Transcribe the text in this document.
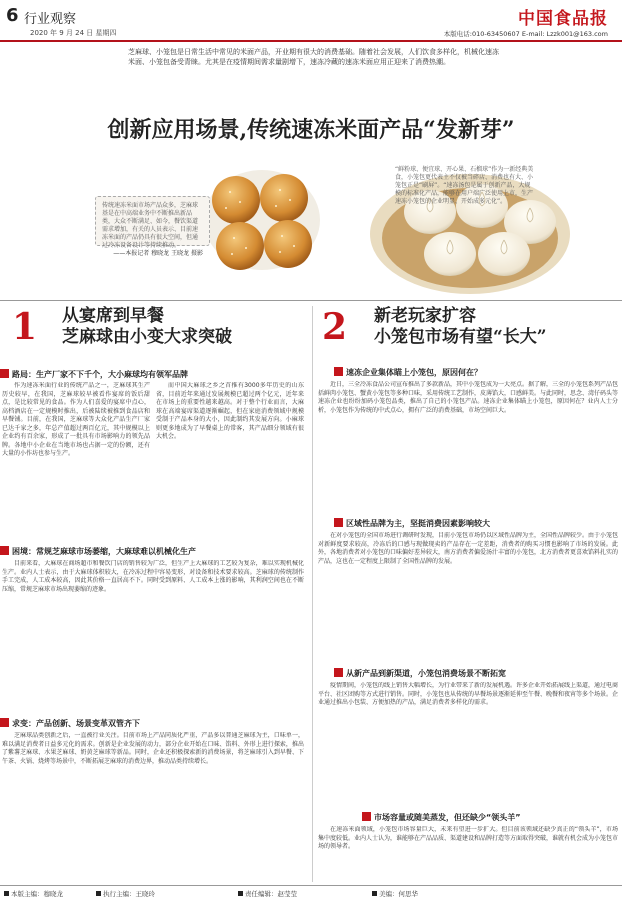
6 行业观察
2020 年 9 月 24 日 星期四
中国食品报
本版电话:010-63450607 E-mail: Lzzk001@163.com
芝麻球、小笼包是日常生活中常见的米面产品，开业期有很大的消费基础。随着社会发展，人们饮食多样化，机械化速冻米面、小笼包备受青睐。尤其是在疫情期间需求量剧增下，速冻冷藏的速冻米面应用正迎来了消费热潮。
创新应用场景,传统速冻米面产品“发新芽”
传统速冻米面市场产品众多，芝麻球基是在中高端业务中不断推出新品类，大众不断满足、如今，餐饮渠道需求增加，有关的人员表示、目前速冻米面的产品仍具有很大空间，但通过冷冻设备设计等持续推动。
——本报记者 穆晓龙 王晓龙 摄影
“鲜粉球、便宜球、开心果、石榴球”作为一新经典美食，小笼包更代表主不仅被当碎店、消费也有大、小笼包正是“刷屏”。“速冻汤包是属于创新产品，大规模的标准化产品，能够在用户端广泛使用上市，生产速冻小笼包的企业明显、开始成多元化”。
1 从宴席到早餐
芝麻球由小变大求突破
路局：生产厂家不下千个，大小麻球均有领军品牌
作为速冻米面行业的传统产品之一，芝麻球其生产历史较早，在我国，芝麻球较早被看作宴席的饭后甜点，是比较常见的食品。作为人们喜爱的宴席中点心，高档酒店在一定规模时推出，后被陆续被推到食品店和早餐铺。目前，在我国，芝麻球等大众化产品生产厂家已达千家之多，年总产值超过两百亿元，其中规模以上企业约有百余家，形成了一批具有市场影响力的领先品牌。各地中小企业在当地市场也占据一定的份额，还有大量的小作坊也参与生产。
而中国大麻球之乡之首推有3000多年历史的山东省，目前近年来通过发展规模已超过两个亿元，近年来在市场上的重要性越来越高。对于整个行业而言，大麻球在高端宴席渠道逐渐崛起，但在家庭消费领域中规模受制于产品本身的大小，因此制约其发展方向。小麻球则更多地成为了早餐桌上的常客，其产品细分领域有很大机会。
困境：常规芝麻球市场萎缩，大麻球难以机械化生产
目前来看，大麻球在商场超市和餐饮门店的销售较为广泛，但生产上大麻球的工艺较为复杂，难以实现机械化生产。业内人士表示，由于大麻球体积较大，在冷冻过程中容易变形，对设备和技术要求较高。芝麻球的传统制作手工完成，人工成本较高，因此其价格一直居高不下。同时受到原料、人工成本上涨的影响，其利润空间也在不断压缩，常规芝麻球市场出现萎缩的迹象。
求变：产品创新、场景变革双管齐下
芝麻球品类创新之后，一直被行业关注。目前市场上产品同质化严重，产品多以普通芝麻球为主，口味单一，难以满足消费者日益多元化的需求。创新是企业发展的动力，部分企业开始在口味、馅料、外形上进行探索，推出了紫薯芝麻球、水果芝麻球、奶黄芝麻球等新品。同时，企业还积极探索新的消费场景，将芝麻球引入到早餐、下午茶、火锅、烧烤等场景中，不断拓展芝麻球的消费边界，推动品类持续增长。
2 新老玩家扩容
小笼包市场有望“长大”
速冻企业集体瞄上小笼包，原因何在？
近日，三全冷冻食品公司宣布推出了多款新品，其中小笼包成为一大亮点。据了解，三全的小笼包系列产品包括鲜肉小笼包、蟹黄小笼包等多种口味，采用传统工艺制作，皮薄馅大，口感鲜美。与此同时，思念、湾仔码头等速冻企业也纷纷加码小笼包品类，推出了自己的小笼包产品。速冻企业集体瞄上小笼包，原因何在？业内人士分析，小笼包作为传统的中式点心，拥有广泛的消费基础，市场空间巨大。
区域性品牌为主，坚挺消费因素影响较大
在对小笼包的全国市场进行调研时发现，目前小笼包市场仍以区域性品牌为主，全国性品牌较少。由于小笼包对新鲜度要求较高，冷冻后的口感与现做现卖的产品存在一定差距，消费者的购买习惯也影响了市场的发展。此外，各地消费者对小笼包的口味偏好差异较大，南方消费者偏爱汤汁丰富的小笼包，北方消费者更喜欢馅料扎实的产品，这也在一定程度上限制了全国性品牌的发展。
从新产品到新渠道，小笼包消费场景不断拓宽
疫情期间，小笼包的线上销售大幅增长，为行业带来了新的发展机遇。许多企业开始拓展线上渠道，通过电商平台、社区团购等方式进行销售。同时，小笼包也从传统的早餐场景逐渐延伸至午餐、晚餐和夜宵等多个场景。企业通过推出小包装、方便加热的产品，满足消费者多样化的需求。
市场容量或随美蒸发，但还缺少“领头羊”
在速冻米面领域，小笼包市场容量巨大，未来有望进一步扩大。但目前该领域还缺少真正的“领头羊”，市场集中度较低。业内人士认为，谁能够在产品品质、渠道建设和品牌打造等方面取得突破，谁就有机会成为小笼包市场的领导者。
本版主编：穆晓龙	执行主编：王晓玲	责任编辑：赵莹莹	美编：何思华
